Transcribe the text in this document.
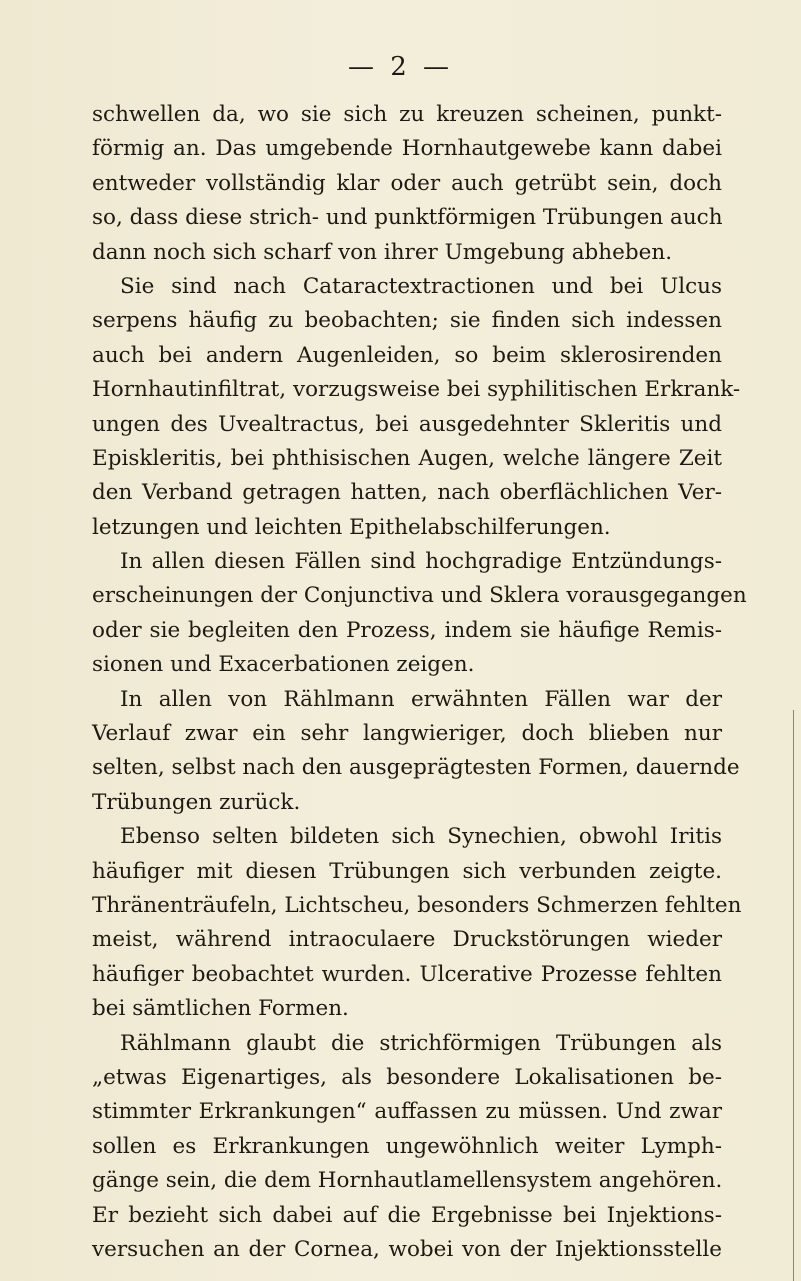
— 2 —
schwellen da, wo sie sich zu kreuzen scheinen, punkt-
förmig an. Das umgebende Hornhautgewebe kann dabei
entweder vollständig klar oder auch getrübt sein, doch
so, dass diese strich- und punktförmigen Trübungen auch
dann noch sich scharf von ihrer Umgebung abheben.
Sie sind nach Cataractextractionen und bei Ulcus
serpens häufig zu beobachten; sie finden sich indessen
auch bei andern Augenleiden, so beim sklerosirenden
Hornhautinfiltrat, vorzugsweise bei syphilitischen Erkrank-
ungen des Uvealtractus, bei ausgedehnter Skleritis und
Episkleritis, bei phthisischen Augen, welche längere Zeit
den Verband getragen hatten, nach oberflächlichen Ver-
letzungen und leichten Epithelabschilferungen.
In allen diesen Fällen sind hochgradige Entzündungs-
erscheinungen der Conjunctiva und Sklera vorausgegangen
oder sie begleiten den Prozess, indem sie häufige Remis-
sionen und Exacerbationen zeigen.
In allen von Rählmann erwähnten Fällen war der
Verlauf zwar ein sehr langwieriger, doch blieben nur
selten, selbst nach den ausgeprägtesten Formen, dauernde
Trübungen zurück.
Ebenso selten bildeten sich Synechien, obwohl Iritis
häufiger mit diesen Trübungen sich verbunden zeigte.
Thränenträufeln, Lichtscheu, besonders Schmerzen fehlten
meist, während intraoculaere Druckstörungen wieder
häufiger beobachtet wurden. Ulcerative Prozesse fehlten
bei sämtlichen Formen.
Rählmann glaubt die strichförmigen Trübungen als
„etwas Eigenartiges, als besondere Lokalisationen be-
stimmter Erkrankungen“ auffassen zu müssen. Und zwar
sollen es Erkrankungen ungewöhnlich weiter Lymph-
gänge sein, die dem Hornhautlamellensystem angehören.
Er bezieht sich dabei auf die Ergebnisse bei Injektions-
versuchen an der Cornea, wobei von der Injektionsstelle
